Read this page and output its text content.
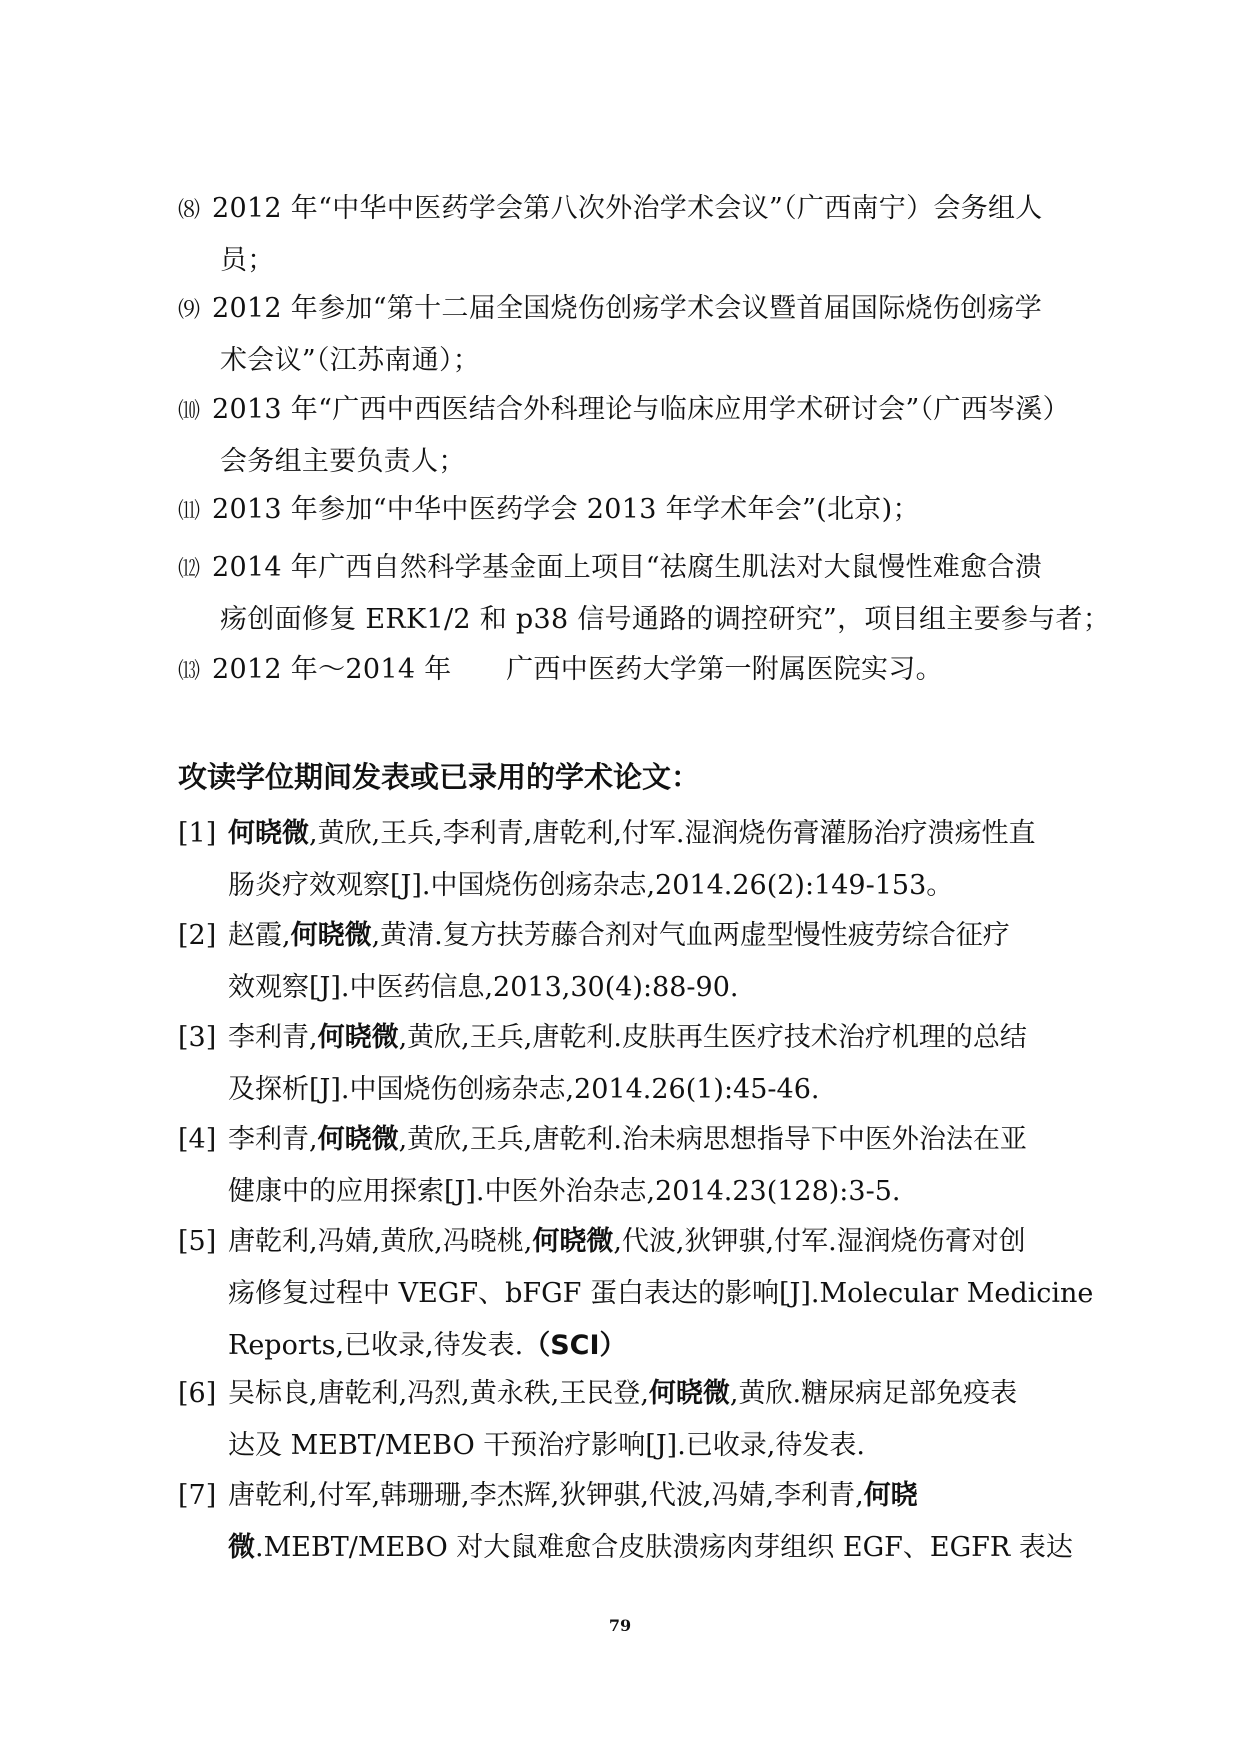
⑻ 2012 年“中华中医药学会第八次外治学术会议”（广西南宁）会务组人
员；
⑼ 2012 年参加“第十二届全国烧伤创疡学术会议暨首届国际烧伤创疡学
术会议”（江苏南通）；
⑽ 2013 年“广西中西医结合外科理论与临床应用学术研讨会”（广西岑溪）
会务组主要负责人；
⑾ 2013 年参加“中华中医药学会 2013 年学术年会”(北京)；
⑿ 2014 年广西自然科学基金面上项目“祛腐生肌法对大鼠慢性难愈合溃
疡创面修复 ERK1/2 和 p38 信号通路的调控研究”，项目组主要参与者；
⒀ 2012 年～2014 年　　广西中医药大学第一附属医院实习。
攻读学位期间发表或已录用的学术论文：
[1] 何晓微,黄欣,王兵,李利青,唐乾利,付军.湿润烧伤膏灌肠治疗溃疡性直
肠炎疗效观察[J].中国烧伤创疡杂志,2014.26(2):149-153。
[2] 赵霞,何晓微,黄清.复方扶芳藤合剂对气血两虚型慢性疲劳综合征疗
效观察[J].中医药信息,2013,30(4):88-90.
[3] 李利青,何晓微,黄欣,王兵,唐乾利.皮肤再生医疗技术治疗机理的总结
及探析[J].中国烧伤创疡杂志,2014.26(1):45-46.
[4] 李利青,何晓微,黄欣,王兵,唐乾利.治未病思想指导下中医外治法在亚
健康中的应用探索[J].中医外治杂志,2014.23(128):3-5.
[5] 唐乾利,冯婧,黄欣,冯晓桃,何晓微,代波,狄钾骐,付军.湿润烧伤膏对创
疡修复过程中 VEGF、bFGF 蛋白表达的影响[J].Molecular Medicine
Reports,已收录,待发表.（SCI）
[6] 吴标良,唐乾利,冯烈,黄永秩,王民登,何晓微,黄欣.糖尿病足部免疫表
达及 MEBT/MEBO 干预治疗影响[J].已收录,待发表.
[7] 唐乾利,付军,韩珊珊,李杰辉,狄钾骐,代波,冯婧,李利青,何晓
微.MEBT/MEBO 对大鼠难愈合皮肤溃疡肉芽组织 EGF、EGFR 表达
79
